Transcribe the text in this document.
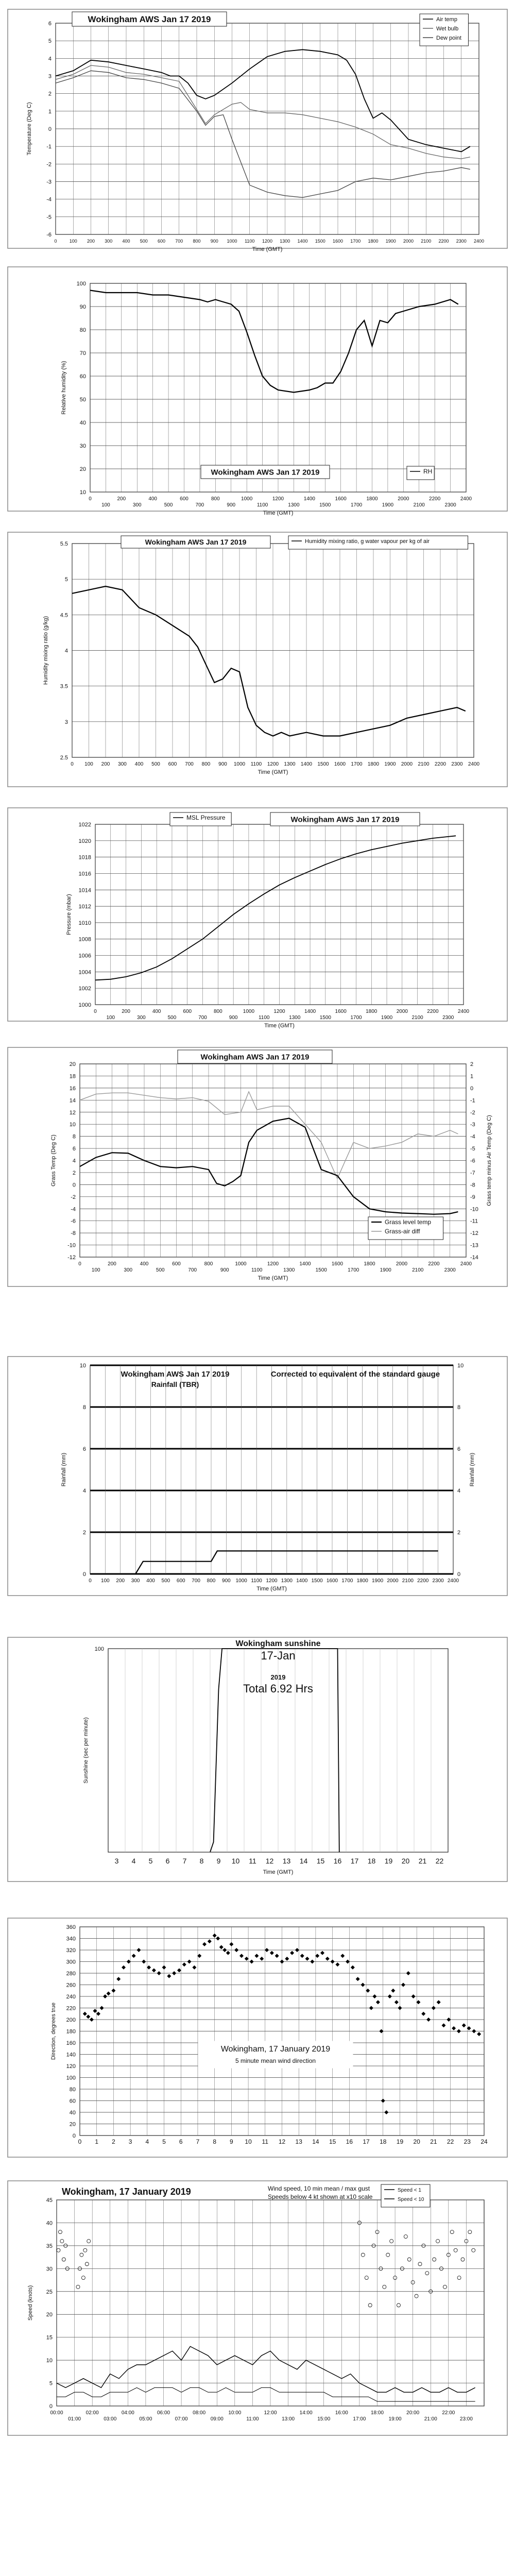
-6
-5
-4
-3
-2
-1
0
1
2
3
4
5
6
0	100 200 300 400 500 600 700 800 900 1000 1100 1200 1300 1400 1500 1600 1700 1800 1900 2000 2100 2200 2300 2400
Time (GMT)
Temperature (Deg C)
Wokingham AWS Jan 17 2019	Air temp
Wet bulb
Dew point
10
20
30
40
50
60
70
80
90
100
0
100
200
300
400
500
600
700
800
900
1000
1100
1200
1300
1400
1500
1600
1700
1800
1900
2000
2100
2200
2300
2400
Time (GMT)
Relative humidity (%)
Wokingham AWS Jan 17 2019	RH
2.5
3
3.5
4
4.5
5
5.5
0 100 200 300 400 500 600 700 800 900 1000 1100 1200 1300 1400 1500 1600 1700 1800 1900 2000 2100 2200 2300 2400
Time (GMT)
Humidity mixing ratio (g/kg)
Wokingham AWS Jan 17 2019	Humidity mixing ratio, g water vapour per kg of air
1000
1002
1004
1006
1008
1010
1012
1014
1016
1018
1020
1022
0
100
200
300
400
500
600
700
800
900
1000
1100
1200
1300
1400
1500
1600
1700
1800
1900
2000
2100
2200
2300
2400
Time (GMT)
Pressure (mbar)
MSL Pressure	Wokingham AWS Jan 17 2019
-12
-10
-8
-6
-4
-2
0
2
4
6
8
10
12
14
16
18
20
0
100
200
300
400
500
600
700
800
900
1000
1100
1200
1300
1400
1500
1600
1700
1800
1900
2000
2100
2200
2300
2400
Time (GMT)
Grass Temp (Deg C)
-14
-13
-12
-11
-10
-9
-8
-7
-6
-5
-4
-3
-2
-1
0
1
2
Grass temp minus Air Temp (Deg C)
Wokingham AWS Jan 17 2019
Grass level temp
Grass-air diff
0
2
4
6
8
10
0 100 200 300 400 500 600 700 800 900 1000 1100 1200 1300 1400 1500 1600 1700 1800 1900 2000 2100 2200 2300 2400
Time (GMT)
Rainfall (mm)
0
2
4
6
8
10
Rainfall (mm)
Wokingham AWS Jan 17 2019
Rainfall (TBR)
Corrected to equivalent of the standard gauge
3 4 5 6 7 8 9 10 11 12 13 14 15 16 17 18 19 20 21 22
100
Time (GMT)
Sunshine (sec per minute)
Wokingham sunshine
17-Jan
2019
Total 6.92 Hrs
0
20
40
60
80
100
120
140
160
180
200
220
240
260
280
300
320
340
360
0 1 2 3 4 5 6 7 8 9 10 11 12 13 14 15 16 17 18 19 20 21 22 23 24
Direction, degrees true	Wokingham, 17 January 2019
5 minute mean wind direction
0
5
10
15
20
25
30
35
40
45
00:00
01:00
02:00
03:00
04:00
05:00
06:00
07:00
08:00
09:00
10:00
11:00
12:00
13:00
14:00
15:00
16:00
17:00
18:00
19:00
20:00
21:00
22:00
23:00
Speed (knots)
Wokingham, 17 January 2019	Wind speed, 10 min mean / max gust
Speeds below 4 kt shown at x10 scale
Speed < 1
Speed < 10
